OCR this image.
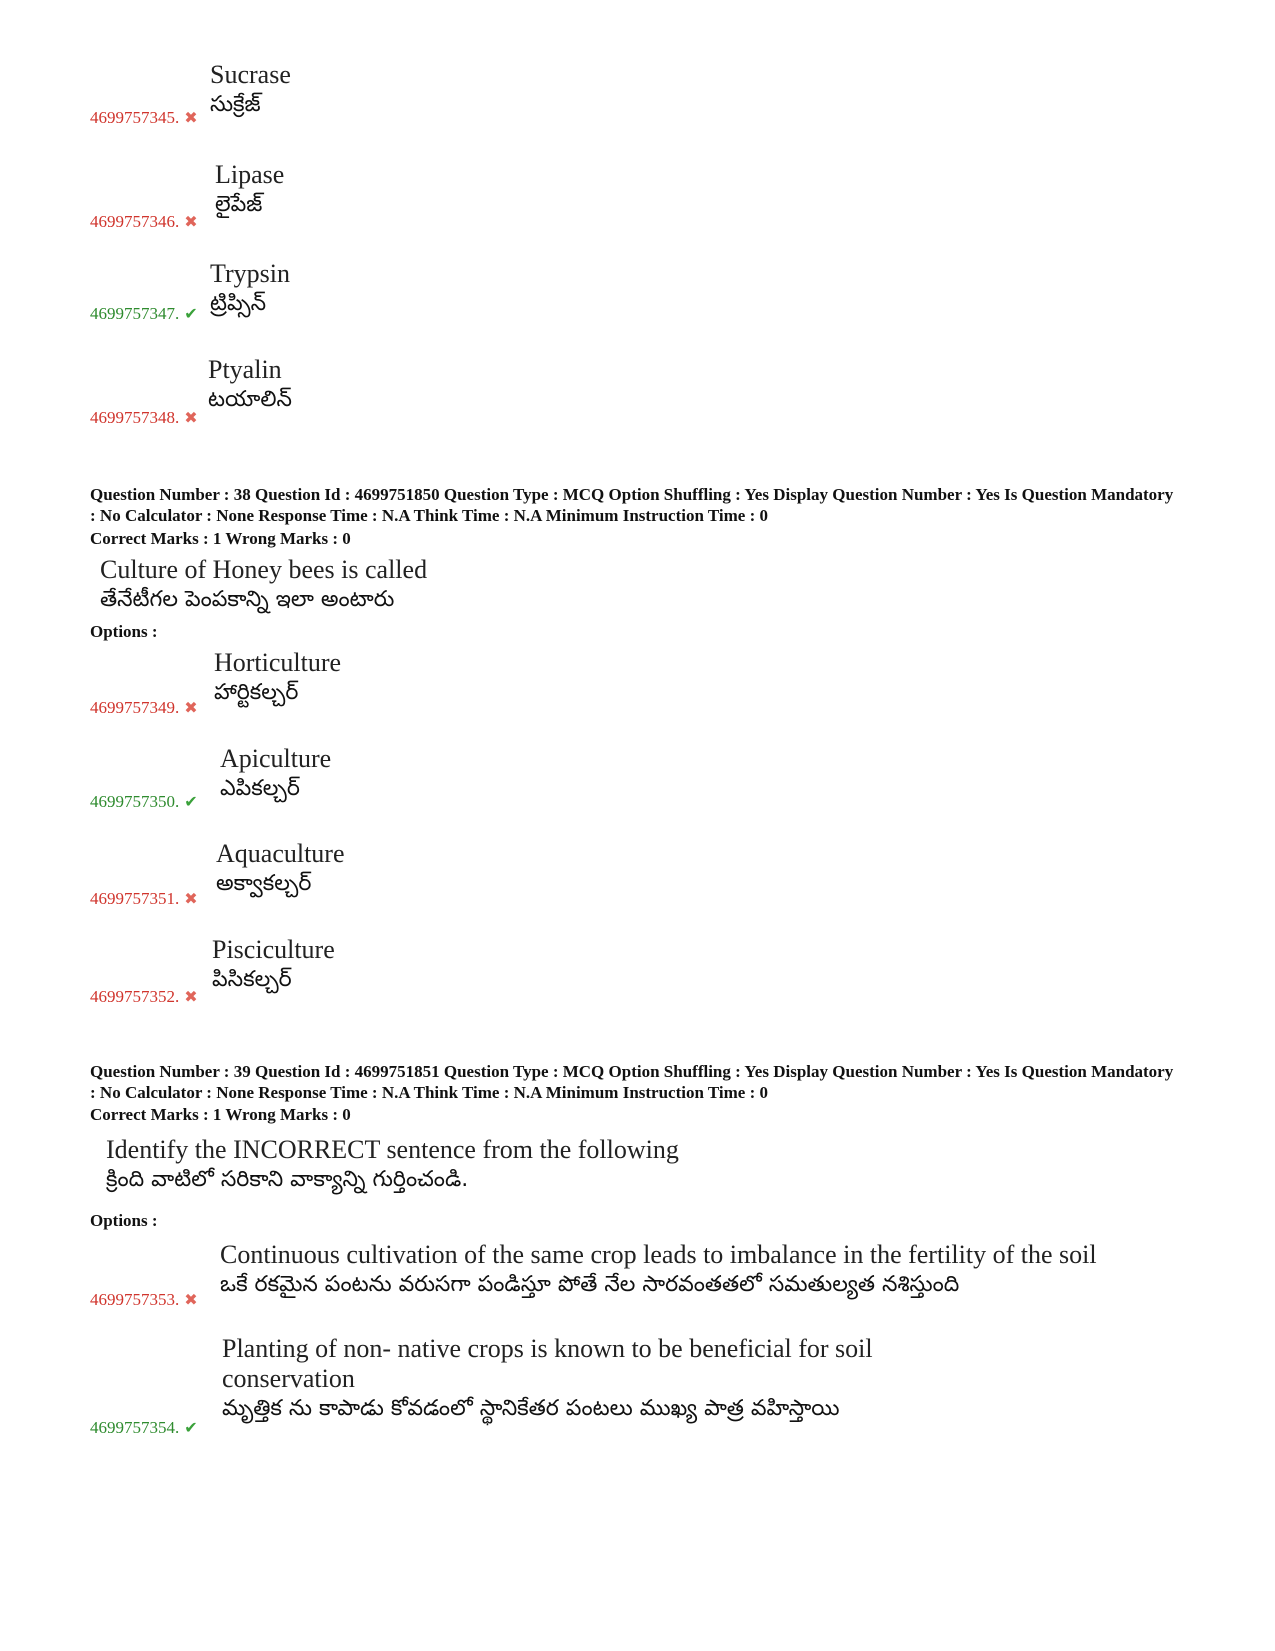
Sucrase
సుక్రేజ్
4699757345. ✖
Lipase
లైపేజ్
4699757346. ✖
Trypsin
ట్రిప్సిన్
4699757347. ✔
Ptyalin
టయాలిన్
4699757348. ✖
Question Number : 38 Question Id : 4699751850 Question Type : MCQ Option Shuffling : Yes Display Question Number : Yes Is Question Mandatory : No Calculator : None Response Time : N.A Think Time : N.A Minimum Instruction Time : 0
Correct Marks : 1 Wrong Marks : 0
Culture of Honey bees is called
తేనేటీగల పెంపకాన్ని ఇలా అంటారు
Options :
Horticulture
హార్టికల్చర్
4699757349. ✖
Apiculture
ఎపికల్చర్
4699757350. ✔
Aquaculture
అక్వాకల్చర్
4699757351. ✖
Pisciculture
పిసికల్చర్
4699757352. ✖
Question Number : 39 Question Id : 4699751851 Question Type : MCQ Option Shuffling : Yes Display Question Number : Yes Is Question Mandatory : No Calculator : None Response Time : N.A Think Time : N.A Minimum Instruction Time : 0
Correct Marks : 1 Wrong Marks : 0
Identify the INCORRECT sentence from the following
క్రింది వాటిలో సరికాని వాక్యాన్ని గుర్తించండి.
Options :
Continuous cultivation of the same crop leads to imbalance in the fertility of the soil
ఒకే రకమైన పంటను వరుసగా పండిస్తూ పోతే నేల సారవంతతలో సమతుల్యత నశిస్తుంది
4699757353. ✖
Planting of non- native crops is known to be beneficial for soil conservation
మృత్తిక ను కాపాడు కోవడంలో స్థానికేతర పంటలు ముఖ్య పాత్ర వహిస్తాయి
4699757354. ✔
